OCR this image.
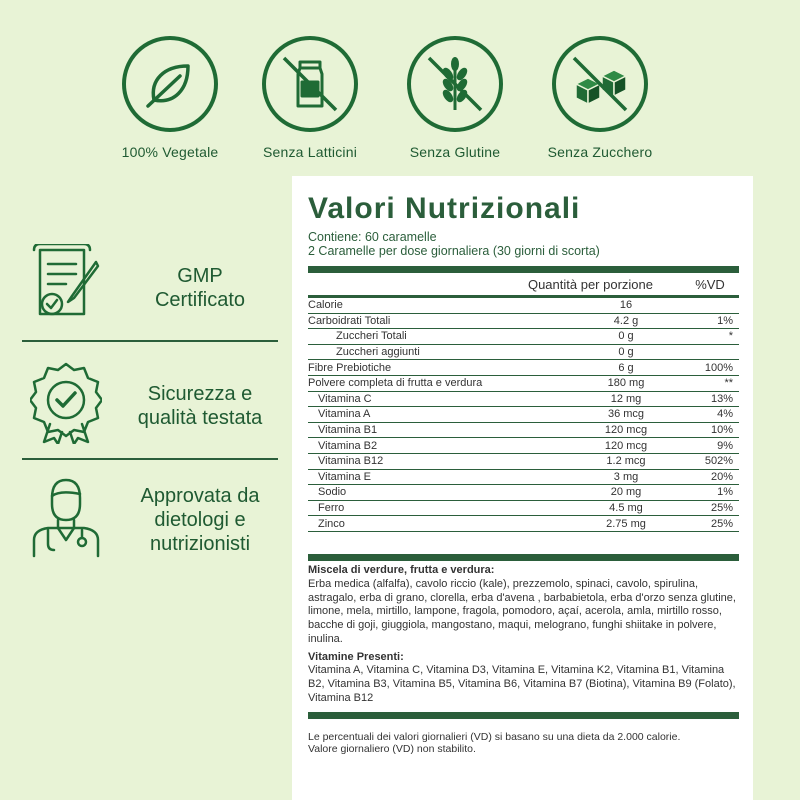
100% Vegetale	Senza Latticini	Senza Glutine	Senza Zucchero
GMP
Certificato
Sicurezza e
qualità testata
Approvata da
dietologi e
nutrizionisti
Valori Nutrizionali
Contiene: 60 caramelle
2 Caramelle per dose giornaliera (30 giorni di scorta)
Quantità per porzione	%VD
Calorie	16
Carboidrati Totali	4.2 g	1%
Zuccheri Totali	0 g	*
Zuccheri aggiunti	0 g
Fibre Prebiotiche	6 g	100%
Polvere completa di frutta e verdura	180 mg	**
Vitamina C	12 mg	13%
Vitamina A	36 mcg	4%
Vitamina B1	120 mcg	10%
Vitamina B2	120 mcg	9%
Vitamina B12	1.2 mcg	502%
Vitamina E	3 mg	20%
Sodio	20 mg	1%
Ferro	4.5 mg	25%
Zinco	2.75 mg	25%
Miscela di verdure, frutta e verdura:
Erba medica (alfalfa), cavolo riccio (kale), prezzemolo, spinaci, cavolo, spirulina, astragalo, erba di grano, clorella, erba d'avena , barbabietola, erba d'orzo senza glutine, limone, mela, mirtillo, lampone, fragola, pomodoro, açaí, acerola, amla, mirtillo rosso, bacche di goji, giuggiola, mangostano, maqui, melograno, funghi shiitake in polvere, inulina.
Vitamine Presenti:
Vitamina A, Vitamina C, Vitamina D3, Vitamina E, Vitamina K2, Vitamina B1, Vitamina B2, Vitamina B3, Vitamina B5, Vitamina B6, Vitamina B7 (Biotina), Vitamina B9 (Folato), Vitamina B12
Le percentuali dei valori giornalieri (VD) si basano su una dieta da 2.000 calorie.
Valore giornaliero (VD) non stabilito.
